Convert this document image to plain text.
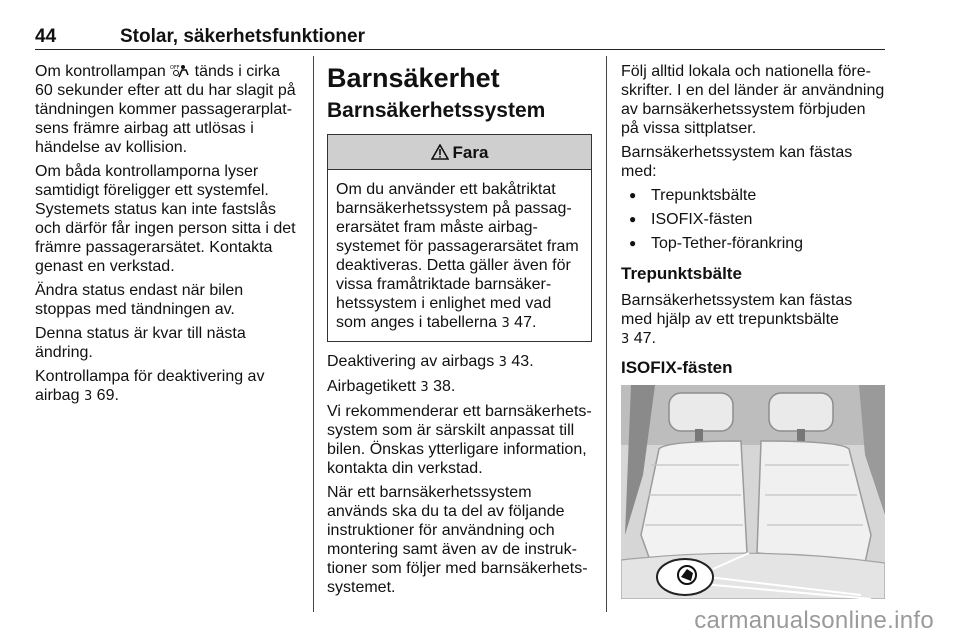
44	Stolar, säkerhetsfunktioner

Om kontrollampan OFF tänds i cirka 60 sekunder efter att du har slagit på tändningen kommer passagerarplatsens främre airbag att utlösas i händelse av kollision.

Om båda kontrollamporna lyser samtidigt föreligger ett systemfel. Systemets status kan inte fastslås och därför får ingen person sitta i det främre passagerarsätet. Kontakta genast en verkstad.

Ändra status endast när bilen stoppas med tändningen av.

Denna status är kvar till nästa ändring.

Kontrollampa för deaktivering av airbag 3 69.

Barnsäkerhet
Barnsäkerhetssystem
Fara
Om du använder ett bakåtriktat barnsäkerhetssystem på passagerarsätet fram måste airbagsystemet för passagerarsätet fram deaktiveras. Detta gäller även för vissa framåtriktade barnsäkerhetssystem i enlighet med vad som anges i tabellerna 3 47.

Deaktivering av airbags 3 43.

Airbagetikett 3 38.

Vi rekommenderar ett barnsäkerhetssystem som är särskilt anpassat till bilen. Önskas ytterligare information, kontakta din verkstad.

När ett barnsäkerhetssystem används ska du ta del av följande instruktioner för användning och montering samt även av de instruktioner som följer med barnsäkerhetssystemet.

Följ alltid lokala och nationella föreskrifter. I en del länder är användning av barnsäkerhetssystem förbjuden på vissa sittplatser.

Barnsäkerhetssystem kan fästas med:

● Trepunktsbälte
● ISOFIX-fästen
● Top-Tether-förankring
Trepunktsbälte

Barnsäkerhetssystem kan fästas med hjälp av ett trepunktsbälte
3 47.

ISOFIX-fästen
carmanualsonline.info
